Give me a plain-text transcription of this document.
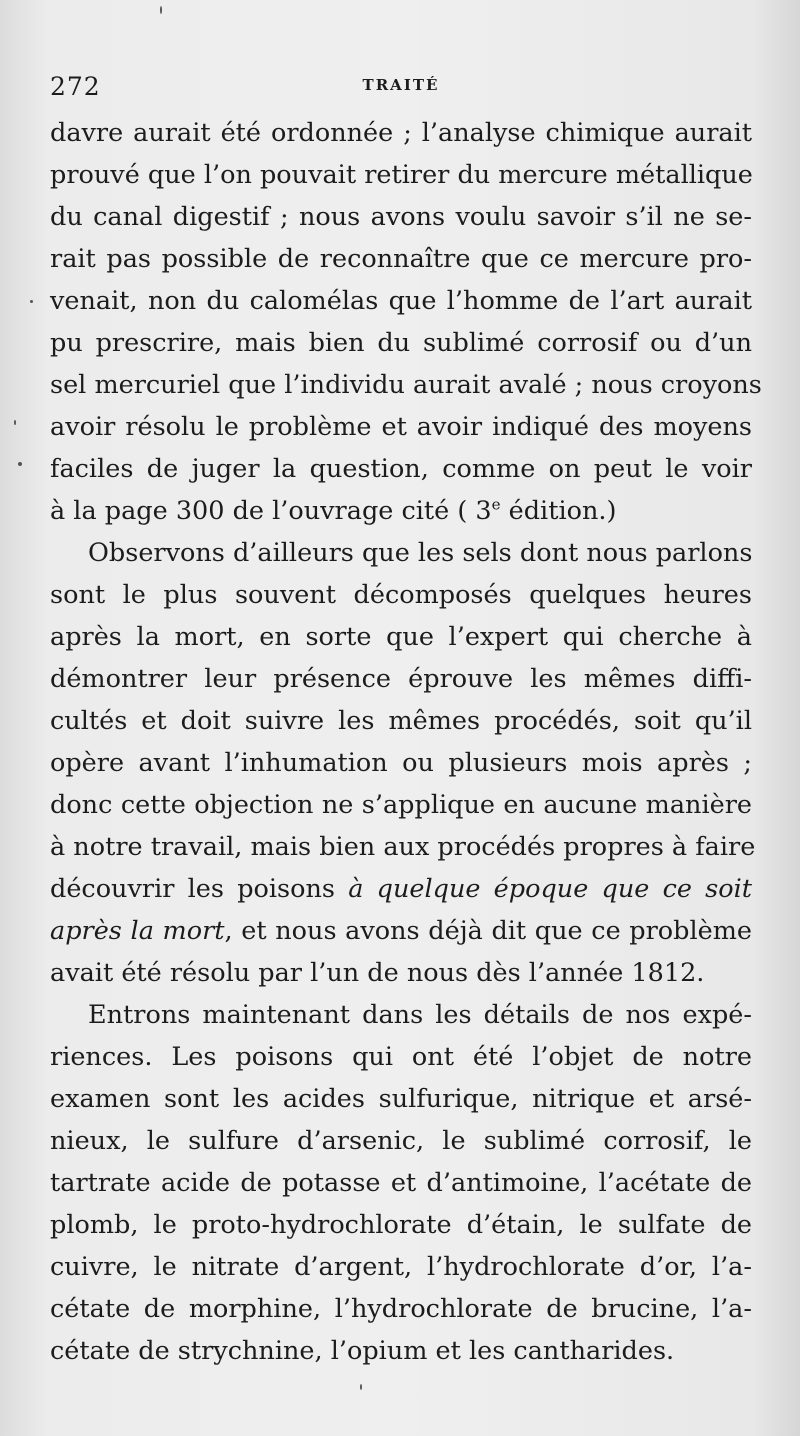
272	TRAITÉ
davre aurait été ordonnée ; l’analyse chimique aurait
prouvé que l’on pouvait retirer du mercure métallique
du canal digestif ; nous avons voulu savoir s’il ne se-
rait pas possible de reconnaître que ce mercure pro-
venait, non du calomélas que l’homme de l’art aurait
pu prescrire, mais bien du sublimé corrosif ou d’un
sel mercuriel que l’individu aurait avalé ; nous croyons
avoir résolu le problème et avoir indiqué des moyens
faciles de juger la question, comme on peut le voir
à la page 300 de l’ouvrage cité ( 3e édition.)
Observons d’ailleurs que les sels dont nous parlons
sont le plus souvent décomposés quelques heures
après la mort, en sorte que l’expert qui cherche à
démontrer leur présence éprouve les mêmes diffi-
cultés et doit suivre les mêmes procédés, soit qu’il
opère avant l’inhumation ou plusieurs mois après ;
donc cette objection ne s’applique en aucune manière
à notre travail, mais bien aux procédés propres à faire
découvrir les poisons à quelque époque que ce soit
après la mort, et nous avons déjà dit que ce problème
avait été résolu par l’un de nous dès l’année 1812.
Entrons maintenant dans les détails de nos expé-
riences. Les poisons qui ont été l’objet de notre
examen sont les acides sulfurique, nitrique et arsé-
nieux, le sulfure d’arsenic, le sublimé corrosif, le
tartrate acide de potasse et d’antimoine, l’acétate de
plomb, le proto-hydrochlorate d’étain, le sulfate de
cuivre, le nitrate d’argent, l’hydrochlorate d’or, l’a-
cétate de morphine, l’hydrochlorate de brucine, l’a-
cétate de strychnine, l’opium et les cantharides.
